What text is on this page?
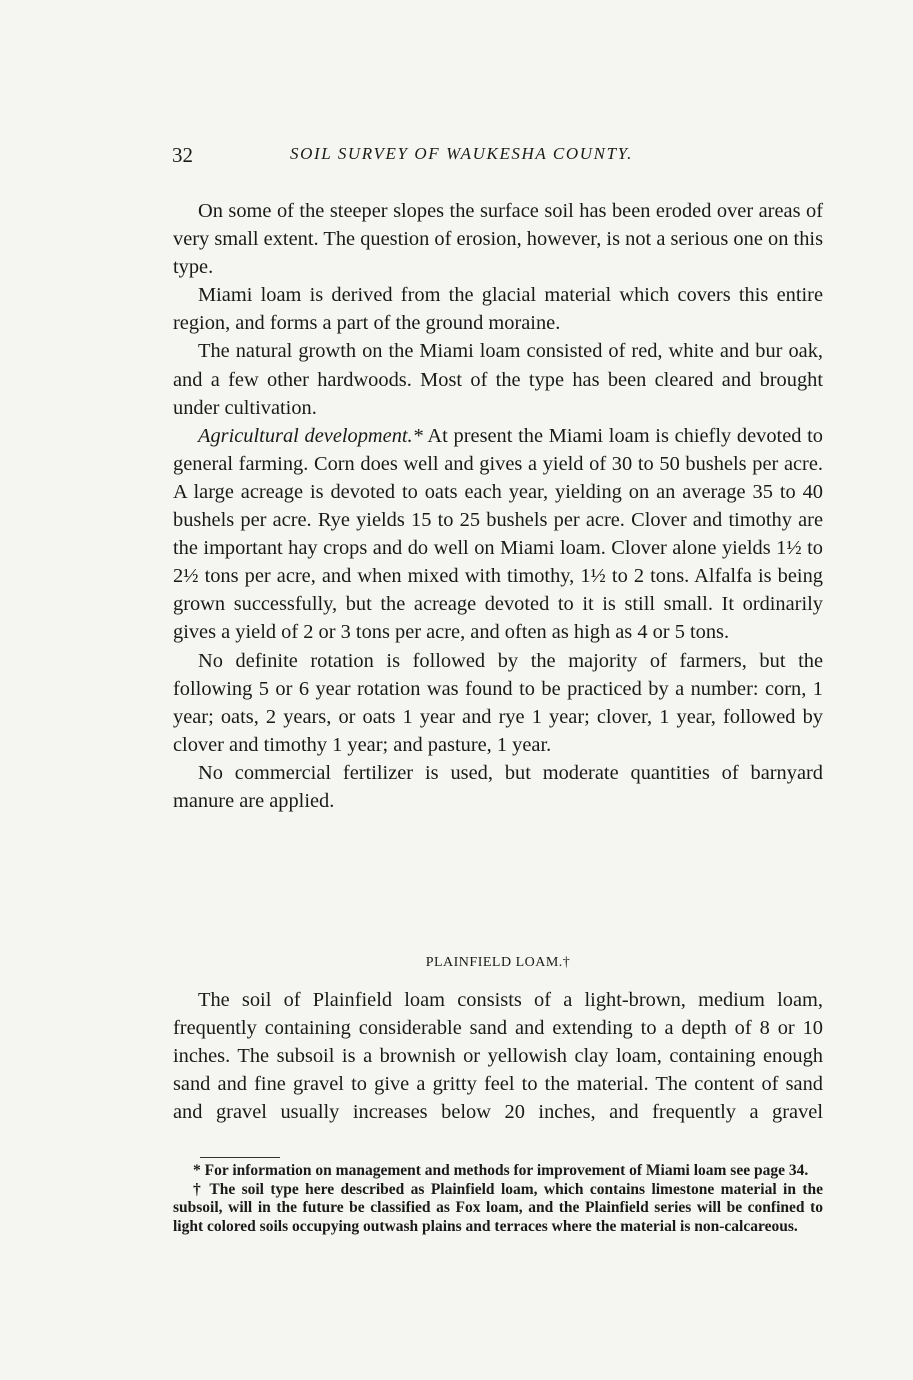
32	SOIL SURVEY OF WAUKESHA COUNTY.

On some of the steeper slopes the surface soil has been eroded over areas of very small extent. The question of erosion, however, is not a serious one on this type.

Miami loam is derived from the glacial material which covers this entire region, and forms a part of the ground moraine.

The natural growth on the Miami loam consisted of red, white and bur oak, and a few other hardwoods. Most of the type has been cleared and brought under cultivation.

Agricultural development.* At present the Miami loam is chiefly devoted to general farming. Corn does well and gives a yield of 30 to 50 bushels per acre. A large acreage is devoted to oats each year, yielding on an average 35 to 40 bushels per acre. Rye yields 15 to 25 bushels per acre. Clover and timothy are the important hay crops and do well on Miami loam. Clover alone yields 1½ to 2½ tons per acre, and when mixed with timothy, 1½ to 2 tons. Alfalfa is being grown successfully, but the acreage devoted to it is still small. It ordinarily gives a yield of 2 or 3 tons per acre, and often as high as 4 or 5 tons.

No definite rotation is followed by the majority of farmers, but the following 5 or 6 year rotation was found to be practiced by a number: corn, 1 year; oats, 2 years, or oats 1 year and rye 1 year; clover, 1 year, followed by clover and timothy 1 year; and pasture, 1 year.

No commercial fertilizer is used, but moderate quantities of barnyard manure are applied.

PLAINFIELD LOAM.†

The soil of Plainfield loam consists of a light-brown, medium loam, frequently containing considerable sand and extending to a depth of 8 or 10 inches. The subsoil is a brownish or yellowish clay loam, containing enough sand and fine gravel to give a gritty feel to the material. The content of sand and gravel usually increases below 20 inches, and frequently a gravel

* For information on management and methods for improvement of Miami loam see page 34.

† The soil type here described as Plainfield loam, which contains limestone material in the subsoil, will in the future be classified as Fox loam, and the Plainfield series will be confined to light colored soils occupying outwash plains and terraces where the material is non-calcareous.
